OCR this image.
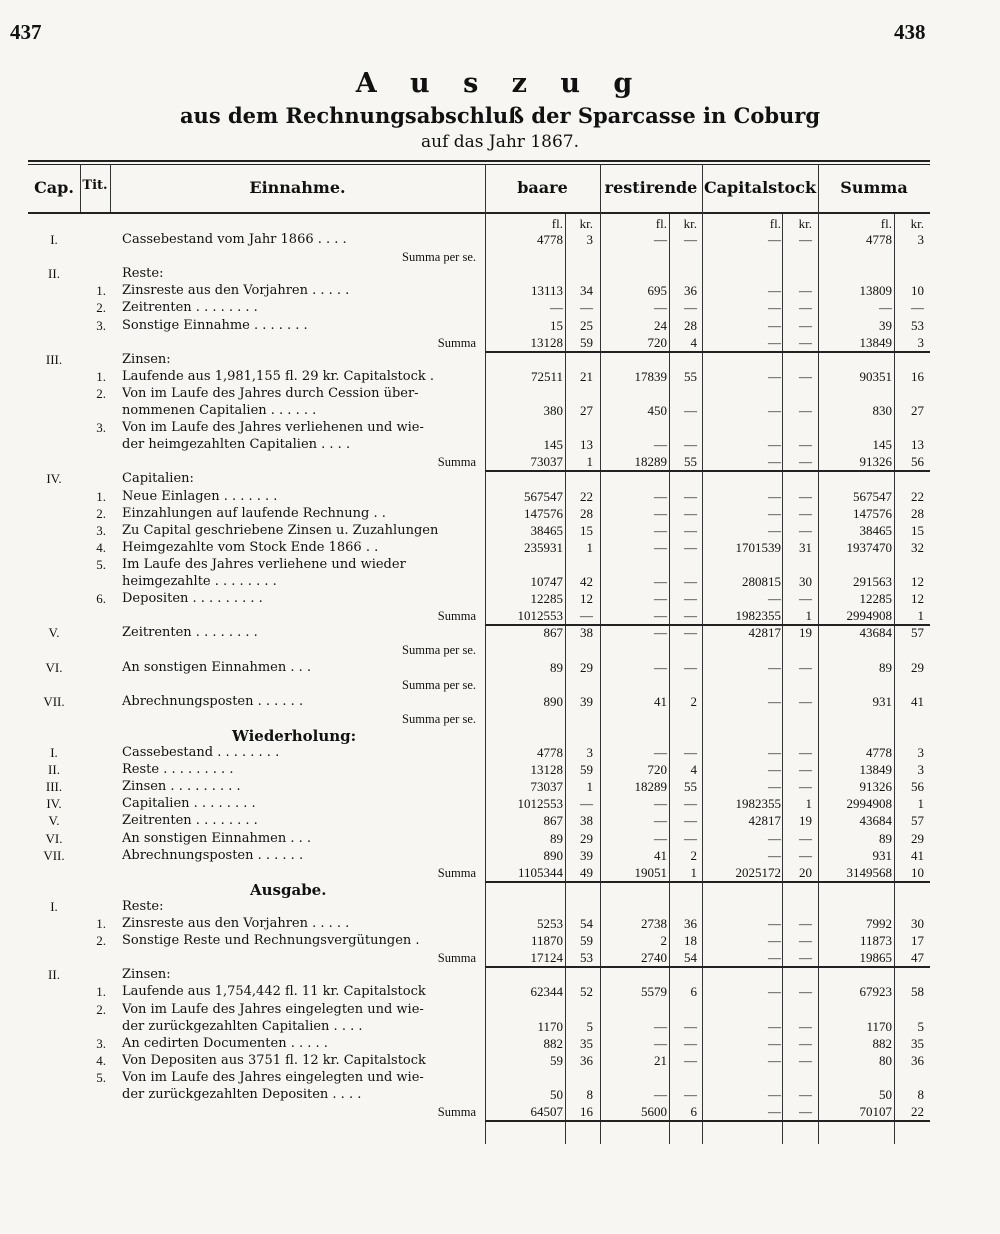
437	438
A u s z u g
aus dem Rechnungsabschluß der Sparcasse in Coburg
auf das Jahr 1867.
Cap. Tit.	Einnahme.	baare	restirende Capitalstock	Summa
fl.	kr.	fl.	kr.	fl.	kr.	fl.	kr.
I.	Cassebestand vom Jahr 1866 . . . .	4778	3	—	—	—	—	4778	3
Summa per se.
II.	Reste:
1. Zinsreste aus den Vorjahren . . . . .	13113	34	695	36	—	—	13809	10
2. Zeitrenten . . . . . . . .	—	—	—	—	—	—	—	—
3. Sonstige Einnahme . . . . . . .	15	25	24	28	—	—	39	53
Summa	13128	59	720	4	—	—	13849	3
III.	Zinsen:
1. Laufende aus 1,981,155 fl. 29 kr. Capitalstock .	72511	21	17839	55	—	—	90351	16
2. Von im Laufe des Jahres durch Cession über-
nommenen Capitalien . . . . . .	380	27	450	—	—	—	830	27
3. Von im Laufe des Jahres verliehenen und wie-
der heimgezahlten Capitalien . . . .	145	13	—	—	—	—	145	13
Summa	73037	1	18289	55	—	—	91326	56
IV.	Capitalien:
1. Neue Einlagen . . . . . . .	567547	22	—	—	—	—	567547	22
2. Einzahlungen auf laufende Rechnung . .	147576	28	—	—	—	—	147576	28
3. Zu Capital geschriebene Zinsen u. Zuzahlungen	38465	15	—	—	—	—	38465	15
4. Heimgezahlte vom Stock Ende 1866 . .	235931	1	—	—	1701539	31	1937470	32
5. Im Laufe des Jahres verliehene und wieder
heimgezahlte . . . . . . . .	10747	42	—	—	280815	30	291563	12
6. Depositen . . . . . . . . .	12285	12	—	—	—	—	12285	12
Summa	1012553	—	—	—	1982355	1	2994908	1
V.	Zeitrenten . . . . . . . .	867	38	—	—	42817	19	43684	57
Summa per se.
VI.	An sonstigen Einnahmen . . .	89	29	—	—	—	—	89	29
Summa per se.
VII.	Abrechnungsposten . . . . . .	890	39	41	2	—	—	931	41
Summa per se.
Wiederholung:
I.	Cassebestand . . . . . . . .	4778	3	—	—	—	—	4778	3
II.	Reste . . . . . . . . .	13128	59	720	4	—	—	13849	3
III.	Zinsen . . . . . . . . .	73037	1	18289	55	—	—	91326	56
IV.	Capitalien . . . . . . . .	1012553	—	—	—	1982355	1	2994908	1
V.	Zeitrenten . . . . . . . .	867	38	—	—	42817	19	43684	57
VI.	An sonstigen Einnahmen . . .	89	29	—	—	—	—	89	29
VII.	Abrechnungsposten . . . . . .	890	39	41	2	—	—	931	41
Summa	1105344	49	19051	1	2025172	20	3149568	10
Ausgabe.
I.	Reste:
1. Zinsreste aus den Vorjahren . . . . .	5253	54	2738	36	—	—	7992	30
2. Sonstige Reste und Rechnungsvergütungen .	11870	59	2	18	—	—	11873	17
Summa	17124	53	2740	54	—	—	19865	47
II.	Zinsen:
1. Laufende aus 1,754,442 fl. 11 kr. Capitalstock	62344	52	5579	6	—	—	67923	58
2. Von im Laufe des Jahres eingelegten und wie-
der zurückgezahlten Capitalien . . . .	1170	5	—	—	—	—	1170	5
3. An cedirten Documenten . . . . .	882	35	—	—	—	—	882	35
4. Von Depositen aus 3751 fl. 12 kr. Capitalstock	59	36	21	—	—	—	80	36
5. Von im Laufe des Jahres eingelegten und wie-
der zurückgezahlten Depositen . . . .	50	8	—	—	—	—	50	8
Summa	64507	16	5600	6	—	—	70107	22
